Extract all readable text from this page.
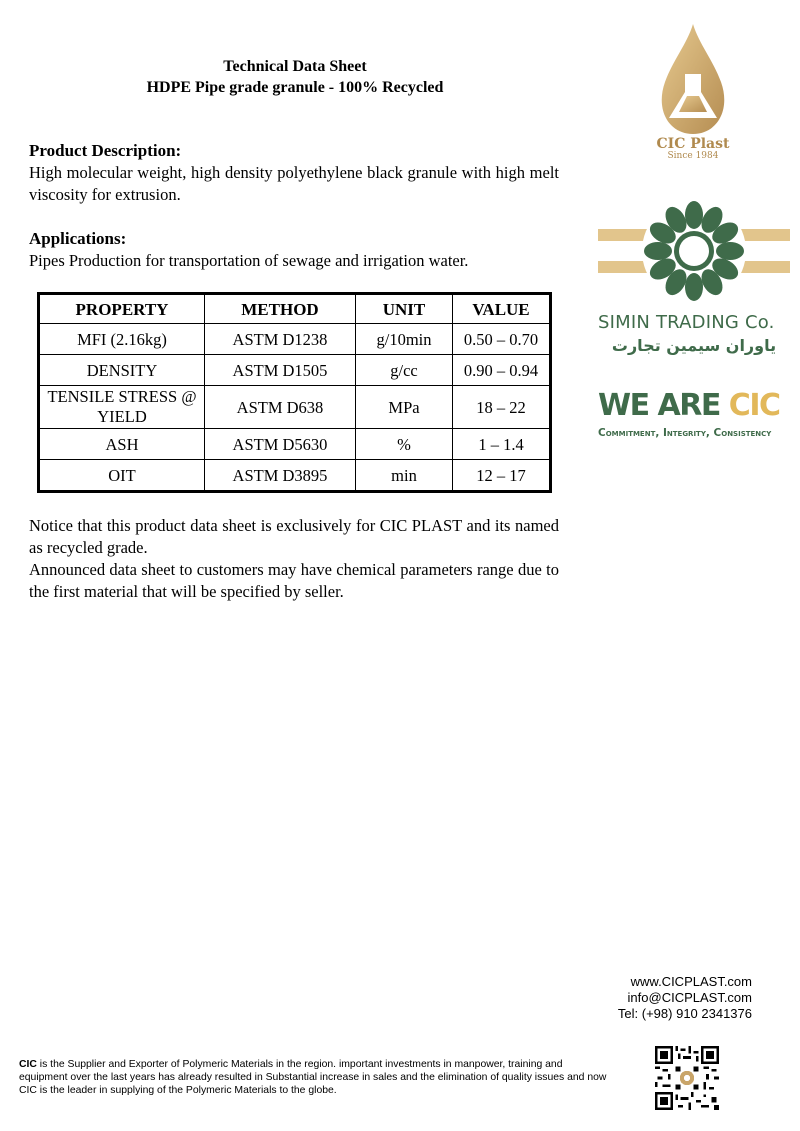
Technical Data Sheet
HDPE Pipe grade granule - 100% Recycled
Product Description:
High molecular weight, high density polyethylene black granule with high melt viscosity for extrusion.
Applications:
Pipes Production for transportation of sewage and irrigation water.
PROPERTY	METHOD	UNIT	VALUE
MFI (2.16kg)	ASTM D1238	g/10min	0.50 – 0.70
DENSITY	ASTM D1505	g/cc	0.90 – 0.94
TENSILE STRESS @ YIELD	ASTM D638	MPa	18 – 22
ASH	ASTM D5630	%	1 – 1.4
OIT	ASTM D3895	min	12 – 17
Notice that this product data sheet is exclusively for CIC PLAST and its named as recycled grade.
Announced data sheet to customers may have chemical parameters range due to the first material that will be specified by seller.
CIC Plast
Since 1984
SIMIN TRADING Co.
یاوران سیمین تجارت
WE ARE CIC
Commitment, Integrity, Consistency
www.CICPLAST.com
info@CICPLAST.com
Tel: (+98) 910 2341376
CIC is the Supplier and Exporter of Polymeric Materials in the region. important investments in manpower, training and equipment over the last years has already resulted in Substantial increase in sales and the elimination of quality issues and now CIC is the leader in supplying of the Polymeric Materials to the globe.
